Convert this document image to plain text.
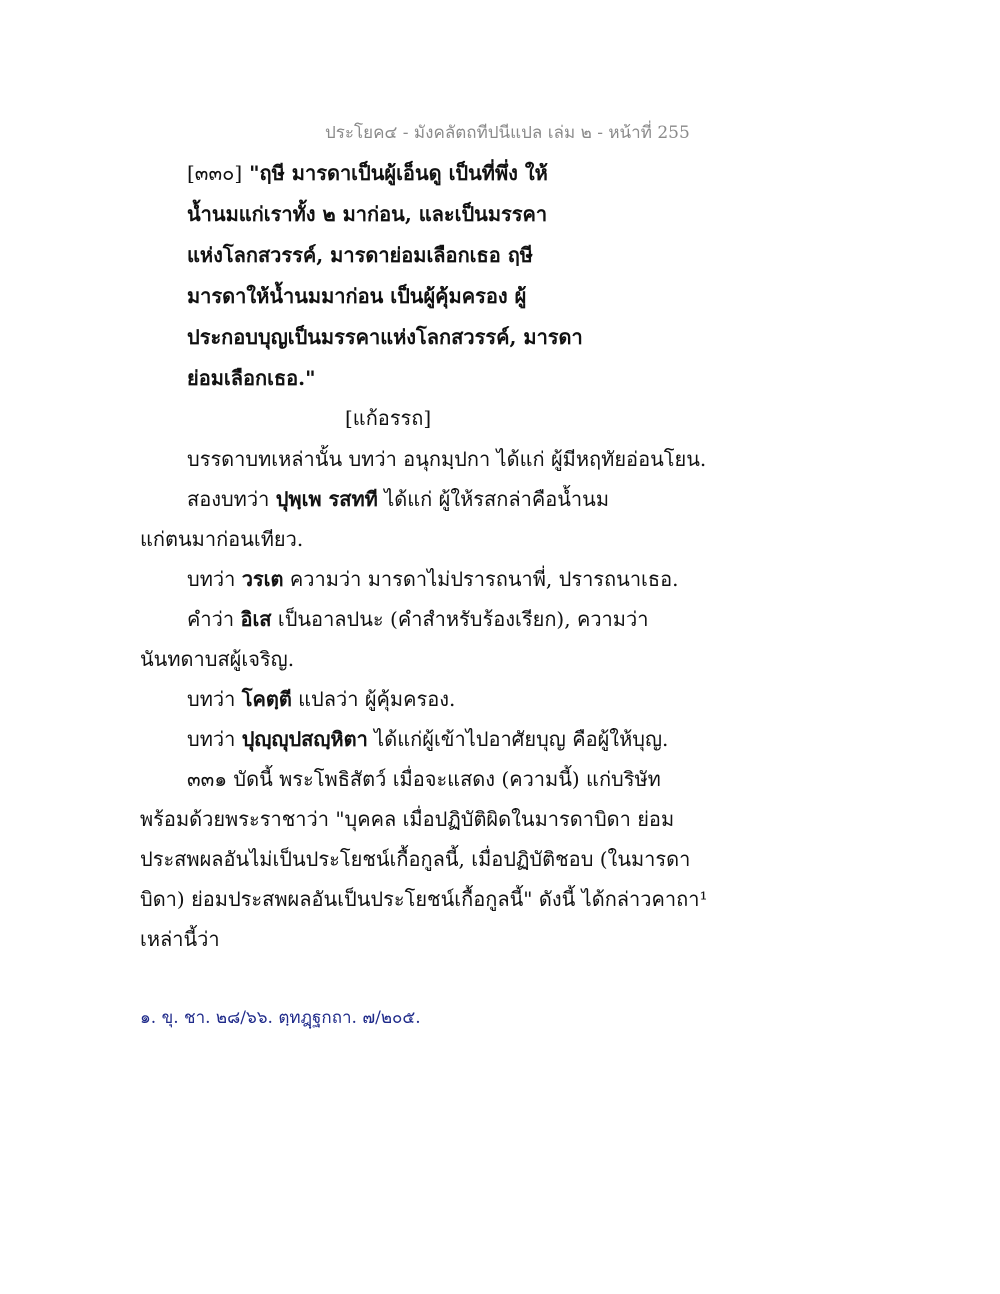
ประโยค๔ - มังคลัตถทีปนีแปล เล่ม ๒ - หน้าที่ 255
[๓๓๐] "ฤษี มารดาเป็นผู้เอ็นดู เป็นที่พึ่ง ให้
น้ำนมแก่เราทั้ง ๒ มาก่อน, และเป็นมรรคา
แห่งโลกสวรรค์, มารดาย่อมเลือกเธอ ฤษี
มารดาให้น้ำนมมาก่อน เป็นผู้คุ้มครอง ผู้
ประกอบบุญเป็นมรรคาแห่งโลกสวรรค์, มารดา
ย่อมเลือกเธอ."
[แก้อรรถ]
บรรดาบทเหล่านั้น บทว่า อนุกมฺปกา ได้แก่ ผู้มีหฤทัยอ่อนโยน.
สองบทว่า ปุพฺเพ รสทที ได้แก่ ผู้ให้รสกล่าคือน้ำนม
แก่ตนมาก่อนเทียว.
บทว่า วรเต ความว่า มารดาไม่ปรารถนาพี่, ปรารถนาเธอ.
คำว่า อิเส เป็นอาลปนะ (คำสำหรับร้องเรียก), ความว่า
นันทดาบสผู้เจริญ.
บทว่า โคตฺตี แปลว่า ผู้คุ้มครอง.
บทว่า ปุญฺญุปสญฺหิตา ได้แก่ผู้เข้าไปอาศัยบุญ คือผู้ให้บุญ.
๓๓๑ บัดนี้ พระโพธิสัตว์ เมื่อจะแสดง (ความนี้) แก่บริษัท
พร้อมด้วยพระราชาว่า "บุคคล เมื่อปฏิบัติผิดในมารดาบิดา ย่อม
ประสพผลอันไม่เป็นประโยชน์เกื้อกูลนี้, เมื่อปฏิบัติชอบ (ในมารดา
บิดา) ย่อมประสพผลอันเป็นประโยชน์เกื้อกูลนี้" ดังนี้ ได้กล่าวคาถา¹
เหล่านี้ว่า
๑. ขุ. ชา. ๒๘/๖๖. ตฺทฎฺฐกถา. ๗/๒๐๕.
